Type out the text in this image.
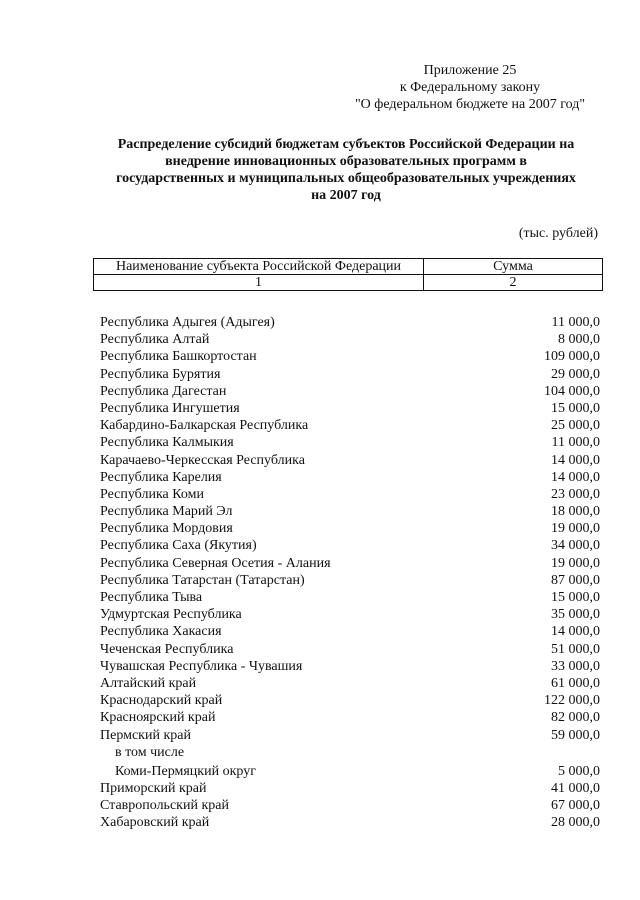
Приложение 25
к Федеральному закону
"О федеральном бюджете на 2007 год"
Распределение субсидий бюджетам субъектов Российской Федерации на
внедрение инновационных образовательных программ в
государственных и муниципальных общеобразовательных учреждениях
на 2007 год
(тыс. рублей)
Наименование субъекта Российской Федерации	Сумма
1	2
Республика Адыгея (Адыгея)	11 000,0
Республика Алтай	8 000,0
Республика Башкортостан	109 000,0
Республика Бурятия	29 000,0
Республика Дагестан	104 000,0
Республика Ингушетия	15 000,0
Кабардино-Балкарская Республика	25 000,0
Республика Калмыкия	11 000,0
Карачаево-Черкесская Республика	14 000,0
Республика Карелия	14 000,0
Республика Коми	23 000,0
Республика Марий Эл	18 000,0
Республика Мордовия	19 000,0
Республика Саха (Якутия)	34 000,0
Республика Северная Осетия - Алания	19 000,0
Республика Татарстан (Татарстан)	87 000,0
Республика Тыва	15 000,0
Удмуртская Республика	35 000,0
Республика Хакасия	14 000,0
Чеченская Республика	51 000,0
Чувашская Республика - Чувашия	33 000,0
Алтайский край	61 000,0
Краснодарский край	122 000,0
Красноярский край	82 000,0
Пермский край	59 000,0
в том числе
Коми-Пермяцкий округ	5 000,0
Приморский край	41 000,0
Ставропольский край	67 000,0
Хабаровский край	28 000,0
